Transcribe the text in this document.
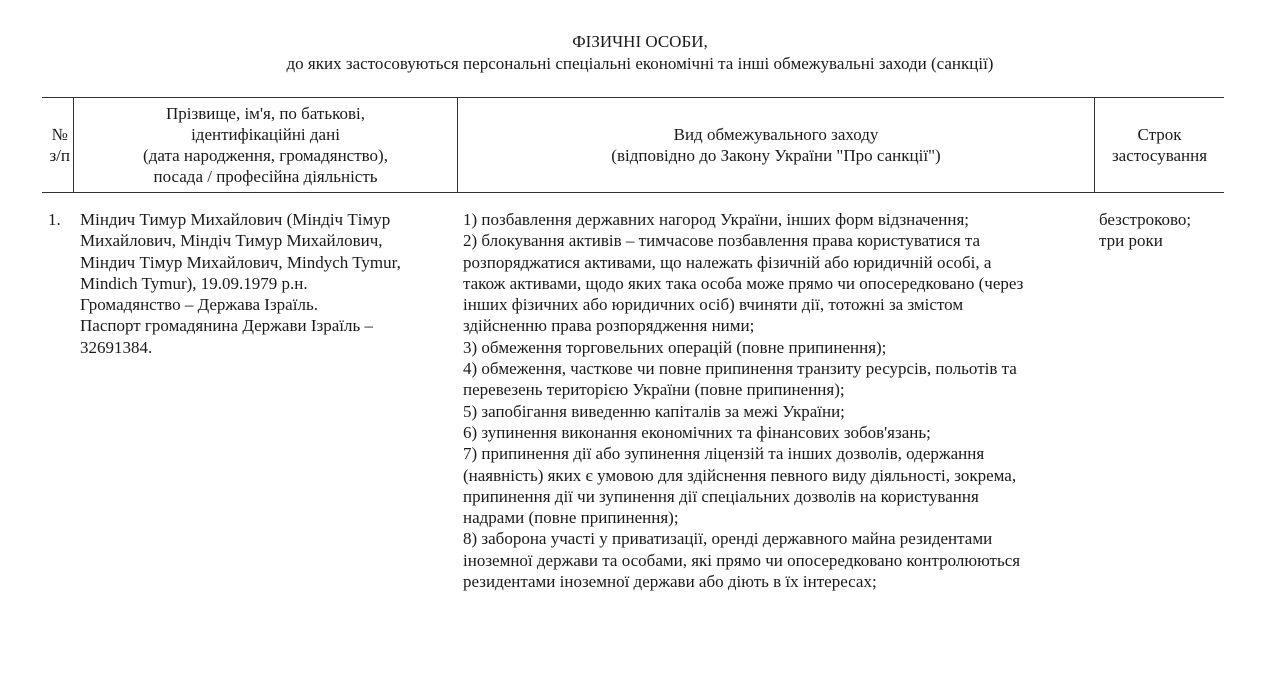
ФІЗИЧНІ ОСОБИ,
до яких застосовуються персональні спеціальні економічні та інші обмежувальні заходи (санкції)
№
з/п
Прізвище, ім'я, по батькові,
ідентифікаційні дані
(дата народження, громадянство),
посада / професійна діяльність
Вид обмежувального заходу
(відповідно до Закону України "Про санкції")
Строк
застосування
1. Міндич Тимур Михайлович (Міндіч Тімур
Михайлович, Міндіч Тимур Михайлович,
Міндич Тімур Михайлович, Mindych Tymur,
Mindich Tymur), 19.09.1979 р.н.
Громадянство – Держава Ізраїль.
Паспорт громадянина Держави Ізраїль –
32691384.
1) позбавлення державних нагород України, інших форм відзначення;
2) блокування активів – тимчасове позбавлення права користуватися та
розпоряджатися активами, що належать фізичній або юридичній особі, а
також активами, щодо яких така особа може прямо чи опосередковано (через
інших фізичних або юридичних осіб) вчиняти дії, тотожні за змістом
здійсненню права розпорядження ними;
3) обмеження торговельних операцій (повне припинення);
4) обмеження, часткове чи повне припинення транзиту ресурсів, польотів та
перевезень територією України (повне припинення);
5) запобігання виведенню капіталів за межі України;
6) зупинення виконання економічних та фінансових зобов'язань;
7) припинення дії або зупинення ліцензій та інших дозволів, одержання
(наявність) яких є умовою для здійснення певного виду діяльності, зокрема,
припинення дії чи зупинення дії спеціальних дозволів на користування
надрами (повне припинення);
8) заборона участі у приватизації, оренді державного майна резидентами
іноземної держави та особами, які прямо чи опосередковано контролюються
резидентами іноземної держави або діють в їх інтересах;
безстроково;
три роки
